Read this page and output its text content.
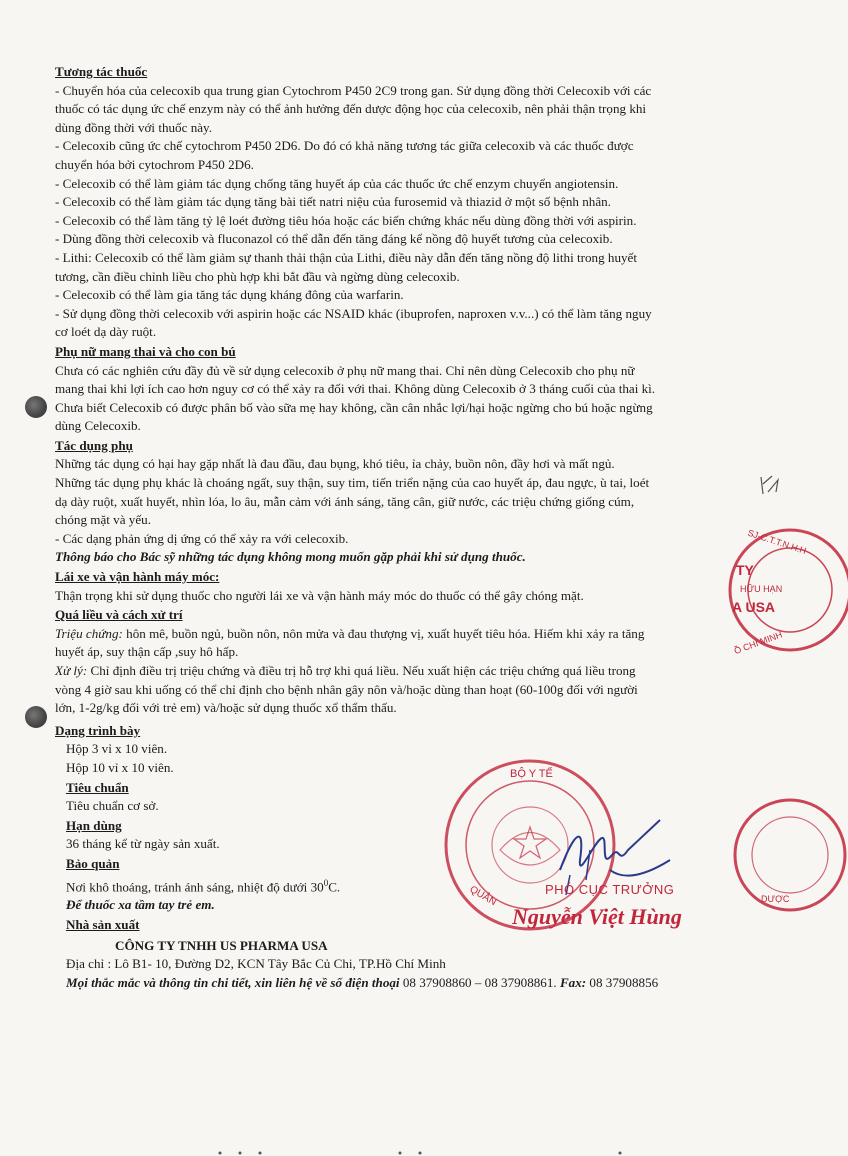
Tương tác thuốc
- Chuyển hóa của celecoxib qua trung gian Cytochrom P450 2C9 trong gan. Sử dụng đồng thời Celecoxib với các
thuốc có tác dụng ức chế enzym này có thể ảnh hưởng đến dược động học của celecoxib, nên phải thận trọng khi
dùng đồng thời với thuốc này.
- Celecoxib cũng ức chế cytochrom P450 2D6. Do đó có khả năng tương tác giữa celecoxib và các thuốc được
chuyển hóa bởi cytochrom P450 2D6.
- Celecoxib có thể làm giảm tác dụng chống tăng huyết áp của các thuốc ức chế enzym chuyển angiotensin.
- Celecoxib có thể làm giảm tác dụng tăng bài tiết natri niệu của furosemid và thiazid ở một số bệnh nhân.
- Celecoxib có thể làm tăng tỷ lệ loét đường tiêu hóa hoặc các biến chứng khác nếu dùng đồng thời với aspirin.
- Dùng đồng thời celecoxib và fluconazol có thể dẫn đến tăng đáng kể nồng độ huyết tương của celecoxib.
- Lithi: Celecoxib có thể làm giảm sự thanh thải thận của Lithi, điều này dẫn đến tăng nồng độ lithi trong huyết
tương, cần điều chỉnh liều cho phù hợp khi bắt đầu và ngừng dùng celecoxib.
- Celecoxib có thể làm gia tăng tác dụng kháng đông của warfarin.
- Sử dụng đồng thời celecoxib với aspirin hoặc các NSAID khác (ibuprofen, naproxen v.v...) có thể làm tăng nguy
cơ loét dạ dày ruột.
Phụ nữ mang thai và cho con bú
Chưa có các nghiên cứu đầy đủ về sử dụng celecoxib ở phụ nữ mang thai. Chỉ nên dùng Celecoxib cho phụ nữ
mang thai khi lợi ích cao hơn nguy cơ có thể xảy ra đối với thai. Không dùng Celecoxib ở 3 tháng cuối của thai kì.
Chưa biết Celecoxib có được phân bố vào sữa mẹ hay không, cần cân nhắc lợi/hại hoặc ngừng cho bú hoặc ngừng
dùng Celecoxib.
Tác dụng phụ
Những tác dụng có hại hay gặp nhất là đau đầu, đau bụng, khó tiêu, ỉa chảy, buồn nôn, đầy hơi và mất ngủ.
Những tác dụng phụ khác là choáng ngất, suy thận, suy tim, tiến triển nặng của cao huyết áp, đau ngực, ù tai, loét
dạ dày ruột, xuất huyết, nhìn lóa, lo âu, mẫn cảm với ánh sáng, tăng cân, giữ nước, các triệu chứng giống cúm,
chóng mặt và yếu.
- Các dạng phản ứng dị ứng có thể xảy ra với celecoxib.
Thông báo cho Bác sỹ những tác dụng không mong muốn gặp phải khi sử dụng thuốc.
Lái xe và vận hành máy móc:
Thận trọng khi sử dụng thuốc cho người lái xe và vận hành máy móc do thuốc có thể gây chóng mặt.
Quá liều và cách xử trí
Triệu chứng: hôn mê, buồn ngủ, buồn nôn, nôn mửa và đau thượng vị, xuất huyết tiêu hóa. Hiếm khi xảy ra tăng
huyết áp, suy thận cấp ,suy hô hấp.
Xử lý: Chỉ định điều trị triệu chứng và điều trị hỗ trợ khi quá liều. Nếu xuất hiện các triệu chứng quá liều trong
vòng 4 giờ sau khi uống có thể chỉ định cho bệnh nhân gây nôn và/hoặc dùng than hoạt (60-100g đối với người
lớn, 1-2g/kg đối với trẻ em) và/hoặc sử dụng thuốc xổ thẩm thấu.
Dạng trình bày
Hộp 3 vỉ x 10 viên.
Hộp 10 vỉ x 10 viên.
Tiêu chuẩn
Tiêu chuẩn cơ sở.
Hạn dùng
36 tháng kể từ ngày sản xuất.
Bảo quản
Nơi khô thoáng, tránh ánh sáng, nhiệt độ dưới $30^0C$.
Để thuốc xa tầm tay trẻ em.
Nhà sản xuất
CÔNG TY TNHH US PHARMA USA
Địa chỉ : Lô B1- 10, Đường D2, KCN Tây Bắc Củ Chi, TP.Hồ Chí Minh
Mọi thắc mắc và thông tin chi tiết, xin liên hệ về số điện thoại 08 37908860 – 08 37908861. Fax: 08 37908856
TY
HỮU HẠN
A USA
SJ-C.T.T.N.H.H
Ồ CHÍ MINH
BỘ Y TẾ
QUẢN	DƯỢC
PHÓ CỤC TRƯỞNG
Nguyễn Việt Hùng
